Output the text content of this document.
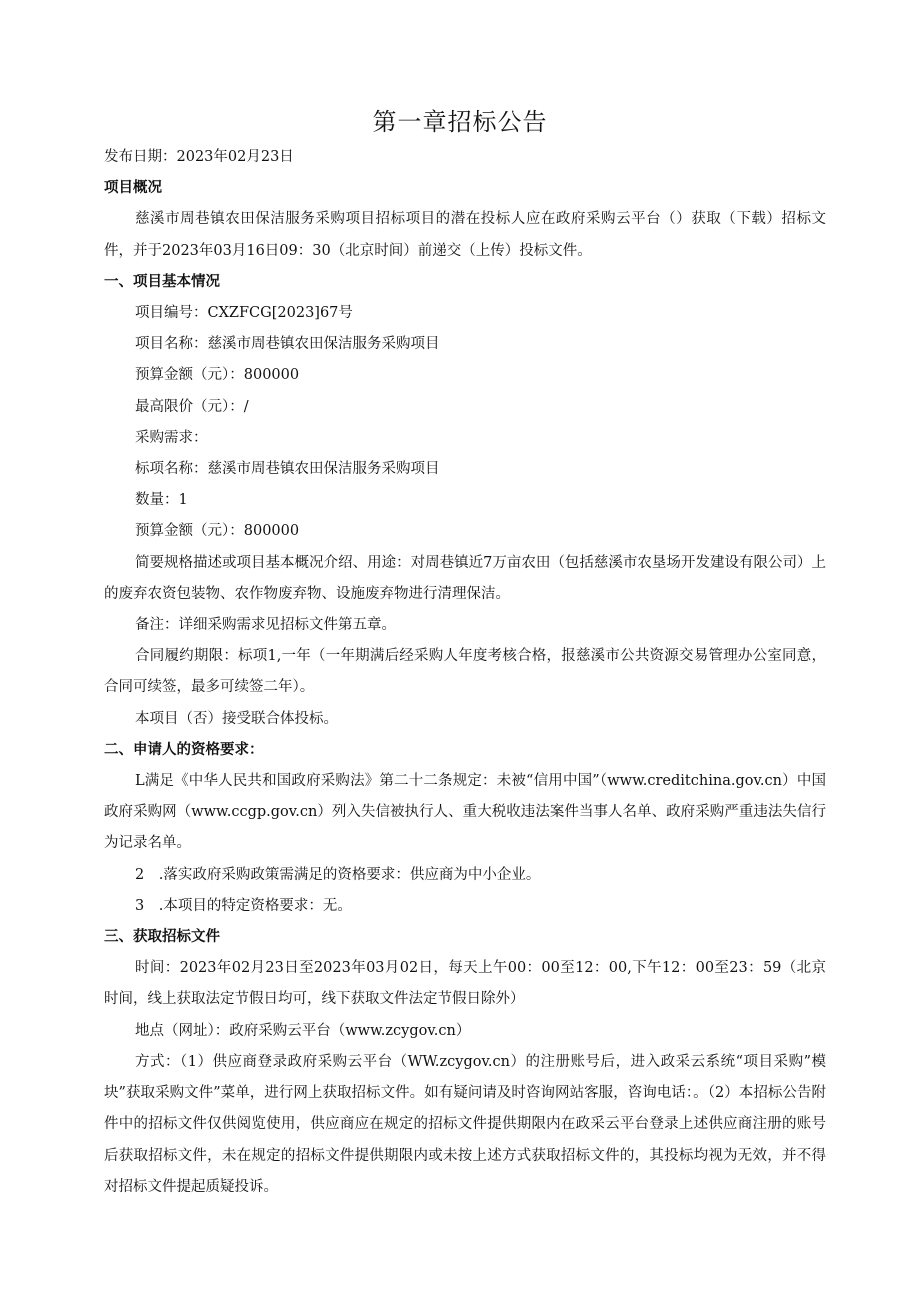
第一章招标公告

发布日期：2023年02月23日

项目概况

慈溪市周巷镇农田保洁服务采购项目招标项目的潜在投标人应在政府采购云平台（）获取（下载）招标文件，并于2023年03月16日09：30（北京时间）前递交（上传）投标文件。

一、项目基本情况

项目编号：CXZFCG[2023]67号

项目名称：慈溪市周巷镇农田保洁服务采购项目

预算金额（元）：800000

最高限价（元）：/

采购需求：

标项名称：慈溪市周巷镇农田保洁服务采购项目

数量：1

预算金额（元）：800000

简要规格描述或项目基本概况介绍、用途：对周巷镇近7万亩农田（包括慈溪市农垦场开发建设有限公司）上的废弃农资包装物、农作物废弃物、设施废弃物进行清理保洁。

备注：详细采购需求见招标文件第五章。

合同履约期限：标项1,一年（一年期满后经采购人年度考核合格，报慈溪市公共资源交易管理办公室同意，合同可续签，最多可续签二年）。

本项目（否）接受联合体投标。

二、申请人的资格要求：

L满足《中华人民共和国政府采购法》第二十二条规定：未被“信用中国”（www.creditchina.gov.cn）中国政府采购网（www.ccgp.gov.cn）列入失信被执行人、重大税收违法案件当事人名单、政府采购严重违法失信行为记录名单。

2　.落实政府采购政策需满足的资格要求：供应商为中小企业。

3　.本项目的特定资格要求：无。

三、获取招标文件

时间：2023年02月23日至2023年03月02日，每天上午00：00至12：00,下午12：00至23：59（北京时间，线上获取法定节假日均可，线下获取文件法定节假日除外）

地点（网址）：政府采购云平台（www.zcygov.cn）

方式：（1）供应商登录政府采购云平台（WW.zcygov.cn）的注册账号后，进入政采云系统“项目采购”模块”获取采购文件”菜单，进行网上获取招标文件。如有疑问请及时咨询网站客服，咨询电话：。（2）本招标公告附件中的招标文件仅供阅览使用，供应商应在规定的招标文件提供期限内在政采云平台登录上述供应商注册的账号后获取招标文件，未在规定的招标文件提供期限内或未按上述方式获取招标文件的，其投标均视为无效，并不得对招标文件提起质疑投诉。
